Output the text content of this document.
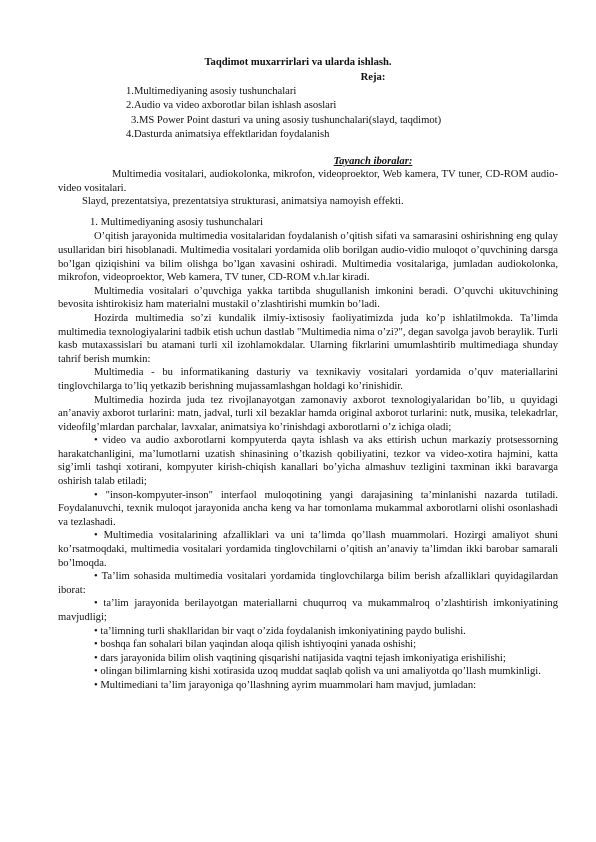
Taqdimot muxarrirlari va ularda ishlash.
Reja:
1.Multimediyaning asosiy tushunchalari
2.Audio va video axborotlar bilan ishlash asoslari
3.MS Power Point dasturi va uning asosiy tushunchalari(slayd, taqdimot)
4.Dasturda animatsiya effektlaridan foydalanish
Tayanch iboralar:

Multimedia vositalari, audiokolonka, mikrofon, videoproektor, Web kamera, TV tuner, CD-ROM audio-video vositalari.

Slayd, prezentatsiya, prezentatsiya strukturasi, animatsiya namoyish effekti.

1. Multimediyaning asosiy tushunchalari

O’qitish jarayonida multimedia vositalaridan foydalanish o’qitish sifati va samarasini oshirishning eng qulay usullaridan biri hisoblanadi. Multimedia vositalari yordamida olib borilgan audio-vidio muloqot o’quvchining darsga bo’lgan qiziqishini va bilim olishga bo’lgan xavasini oshiradi. Multimedia vositalariga, jumladan audiokolonka, mikrofon, videoproektor, Web kamera, TV tuner, CD-ROM v.h.lar kiradi.

Multimedia vositalari o’quvchiga yakka tartibda shugullanish imkonini beradi. O’quvchi ukituvchining bevosita ishtirokisiz ham materialni mustakil o’zlashtirishi mumkin bo’ladi.

Hozirda multimedia so’zi kundalik ilmiy-ixtisosiy faoliyatimizda juda ko’p ishlatilmokda. Ta’limda multimedia texnologiyalarini tadbik etish uchun dastlab "Multimedia nima o’zi?", degan savolga javob beraylik. Turli kasb mutaxassislari bu atamani turli xil izohlamokdalar. Ularning fikrlarini umumlashtirib multimediaga shunday tahrif berish mumkin:

Multimedia - bu informatikaning dasturiy va texnikaviy vositalari yordamida o’quv materiallarini tinglovchilarga to’liq yetkazib berishning mujassamlashgan holdagi ko’rinishidir.

Multimedia hozirda juda tez rivojlanayotgan zamonaviy axborot texnologiyalaridan bo’lib, u quyidagi an’anaviy axborot turlarini: matn, jadval, turli xil bezaklar hamda original axborot turlarini: nutk, musika, telekadrlar, videofilg’mlardan parchalar, lavxalar, animatsiya ko’rinishdagi axborotlarni o’z ichiga oladi;

• video va audio axborotlarni kompyuterda qayta ishlash va aks ettirish uchun markaziy protsessorning harakatchanligini, ma’lumotlarni uzatish shinasining o’tkazish qobiliyatini, tezkor va video-xotira hajmini, katta sig’imli tashqi xotirani, kompyuter kirish-chiqish kanallari bo’yicha almashuv tezligini taxminan ikki baravarga oshirish talab etiladi;

• "inson-kompyuter-inson" interfaol muloqotining yangi darajasining ta’minlanishi nazarda tutiladi. Foydalanuvchi, texnik muloqot jarayonida ancha keng va har tomonlama mukammal axborotlarni olishi osonlashadi va tezlashadi.

• Multimedia vositalarining afzalliklari va uni ta’limda qo’llash muammolari. Hozirgi amaliyot shuni ko’rsatmoqdaki, multimedia vositalari yordamida tinglovchilarni o’qitish an’anaviy ta’limdan ikki barobar samarali bo’lmoqda.

• Ta’lim sohasida multimedia vositalari yordamida tinglovchilarga bilim berish afzalliklari quyidagilardan iborat:

• ta’lim jarayonida berilayotgan materiallarni chuqurroq va mukammalroq o’zlashtirish imkoniyatining mavjudligi;

• ta’limning turli shakllaridan bir vaqt o’zida foydalanish imkoniyatining paydo bulishi.

• boshqa fan sohalari bilan yaqindan aloqa qilish ishtiyoqini yanada oshishi;

• dars jarayonida bilim olish vaqtining qisqarishi natijasida vaqtni tejash imkoniyatiga erishilishi;

• olingan bilimlarning kishi xotirasida uzoq muddat saqlab qolish va uni amaliyotda qo’llash mumkinligi.

• Multimediani ta’lim jarayoniga qo’llashning ayrim muammolari ham mavjud, jumladan:
